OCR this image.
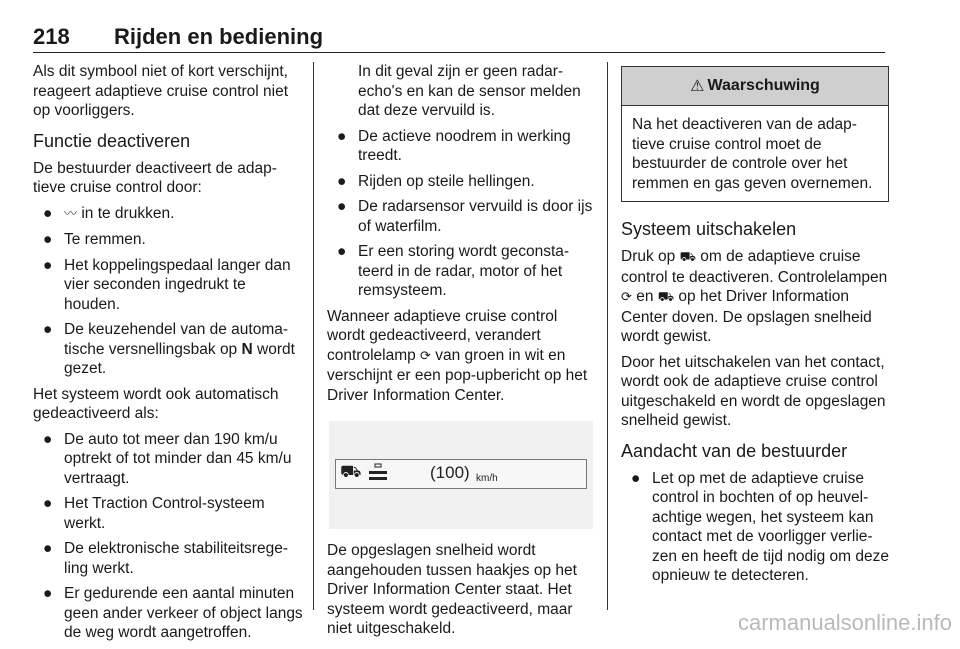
218 Rijden en bediening

Als dit symbool niet of kort verschijnt, reageert adaptieve cruise control niet op voorliggers.

Functie deactiveren

De bestuurder deactiveert de adaptieve cruise control door:

● 〰 in te drukken.
● Te remmen.
● Het koppelingspedaal langer dan vier seconden ingedrukt te houden.
● De keuzehendel van de automatische versnellingsbak op N wordt gezet.

Het systeem wordt ook automatisch gedeactiveerd als:

● De auto tot meer dan 190 km/u optrekt of tot minder dan 45 km/u vertraagt.
● Het Traction Control-systeem werkt.
● De elektronische stabiliteitsregeling werkt.
● Er gedurende een aantal minuten geen ander verkeer of object langs de weg wordt aangetroffen.

In dit geval zijn er geen radarecho's en kan de sensor melden dat deze vervuild is.

● De actieve noodrem in werking treedt.
● Rijden op steile hellingen.
● De radarsensor vervuild is door ijs of waterfilm.
● Er een storing wordt geconstateerd in de radar, motor of het remsysteem.

Wanneer adaptieve cruise control wordt gedeactiveerd, verandert controlelamp ⟳ van groen in wit en verschijnt er een pop-upbericht op het Driver Information Center.

⛟	(100) km/h

De opgeslagen snelheid wordt aangehouden tussen haakjes op het Driver Information Center staat. Het systeem wordt gedeactiveerd, maar niet uitgeschakeld.

⚠ Waarschuwing
Na het deactiveren van de adaptieve cruise control moet de bestuurder de controle over het remmen en gas geven overnemen.
Systeem uitschakelen

Druk op ⛟ om de adaptieve cruise control te deactiveren. Controlelampen ⟳ en ⛟ op het Driver Information Center doven. De opslagen snelheid wordt gewist.

Door het uitschakelen van het contact, wordt ook de adaptieve cruise control uitgeschakeld en wordt de opgeslagen snelheid gewist.

Aandacht van de bestuurder
● Let op met de adaptieve cruise control in bochten of op heuvelachtige wegen, het systeem kan contact met de voorligger verliezen en heeft de tijd nodig om deze opnieuw te detecteren.
carmanualsonline.info
